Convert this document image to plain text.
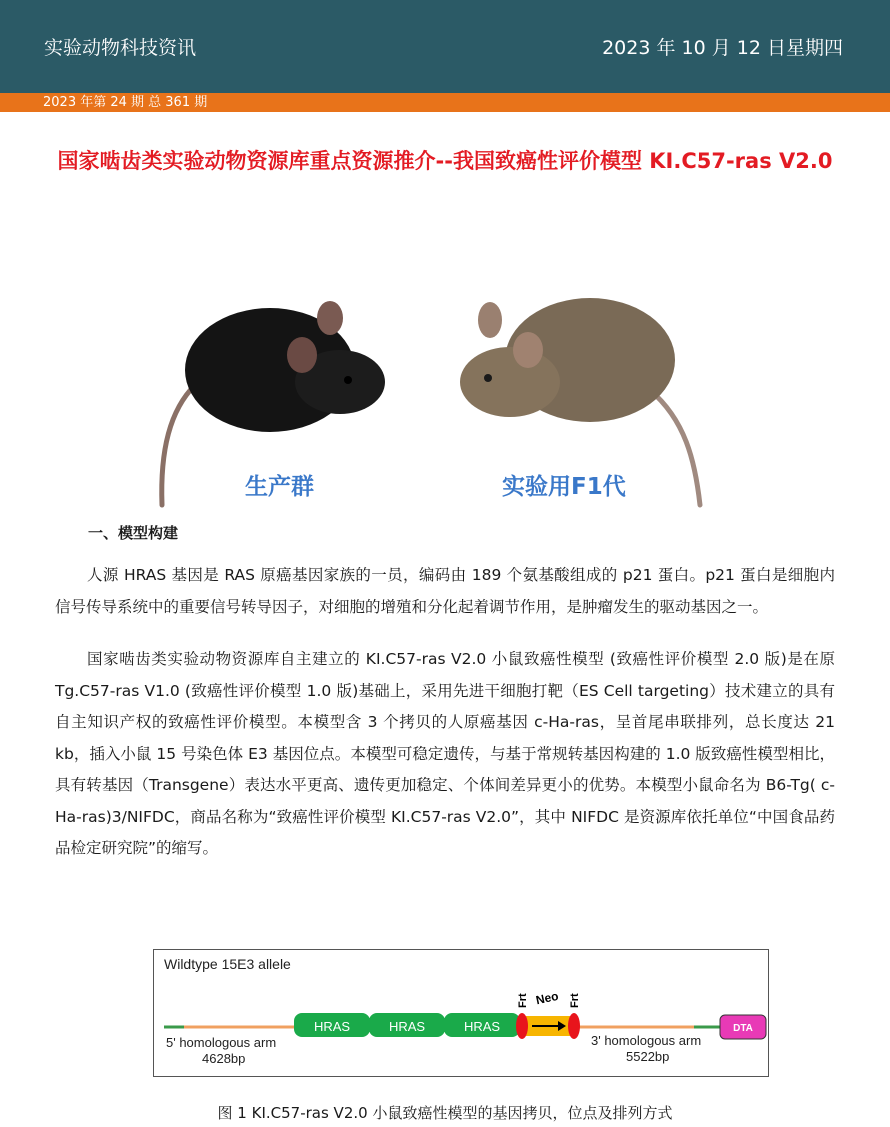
实验动物科技资讯	2023 年 10 月 12 日星期四
2023 年第 24 期 总 361 期
国家啮齿类实验动物资源库重点资源推介--我国致癌性评价模型 KI.C57-ras V2.0
生产群	实验用F1代
一、模型构建

人源 HRAS 基因是 RAS 原癌基因家族的一员，编码由 189 个氨基酸组成的 p21 蛋白。p21 蛋白是细胞内信号传导系统中的重要信号转导因子，对细胞的增殖和分化起着调节作用，是肿瘤发生的驱动基因之一。

国家啮齿类实验动物资源库自主建立的 KI.C57-ras V2.0 小鼠致癌性模型 (致癌性评价模型 2.0 版)是在原 Tg.C57-ras V1.0 (致癌性评价模型 1.0 版)基础上，采用先进干细胞打靶（ES Cell targeting）技术建立的具有自主知识产权的致癌性评价模型。本模型含 3 个拷贝的人原癌基因 c-Ha-ras，呈首尾串联排列，总长度达 21 kb，插入小鼠 15 号染色体 E3 基因位点。本模型可稳定遗传，与基于常规转基因构建的 1.0 版致癌性模型相比，具有转基因（Transgene）表达水平更高、遗传更加稳定、个体间差异更小的优势。本模型小鼠命名为 B6-Tg( c-Ha-ras)3/NIFDC，商品名称为“致癌性评价模型 KI.C57-ras V2.0”，其中 NIFDC 是资源库依托单位“中国食品药品检定研究院”的缩写。

Wildtype 15E3 allele
HRAS	HRAS	HRAS
Neo
Frt	Frt
DTA
5' homologous arm
4628bp
3' homologous arm
5522bp
图 1 KI.C57-ras V2.0 小鼠致癌性模型的基因拷贝，位点及排列方式
